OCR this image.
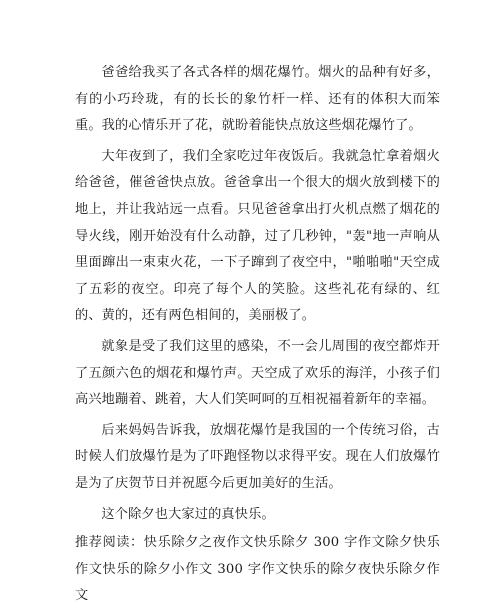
爸爸给我买了各式各样的烟花爆竹。烟火的品种有好多，有的小巧玲珑，有的长长的象竹杆一样、还有的体积大而笨重。我的心情乐开了花，就盼着能快点放这些烟花爆竹了。

大年夜到了，我们全家吃过年夜饭后。我就急忙拿着烟火给爸爸，催爸爸快点放。爸爸拿出一个很大的烟火放到楼下的地上，并让我站远一点看。只见爸爸拿出打火机点燃了烟花的导火线，刚开始没有什么动静，过了几秒钟，"轰"地一声响从里面蹿出一束束火花，一下子蹿到了夜空中，"啪啪啪"天空成了五彩的夜空。印亮了每个人的笑脸。这些礼花有绿的、红的、黄的，还有两色相间的，美丽极了。

就象是受了我们这里的感染，不一会儿周围的夜空都炸开了五颜六色的烟花和爆竹声。天空成了欢乐的海洋，小孩子们高兴地蹦着、跳着，大人们笑呵呵的互相祝福着新年的幸福。

后来妈妈告诉我，放烟花爆竹是我国的一个传统习俗，古时候人们放爆竹是为了吓跑怪物以求得平安。现在人们放爆竹是为了庆贺节日并祝愿今后更加美好的生活。

这个除夕也大家过的真快乐。

推荐阅读：快乐除夕之夜作文快乐除夕 300 字作文除夕快乐作文快乐的除夕小作文 300 字作文快乐的除夕夜快乐除夕作文
